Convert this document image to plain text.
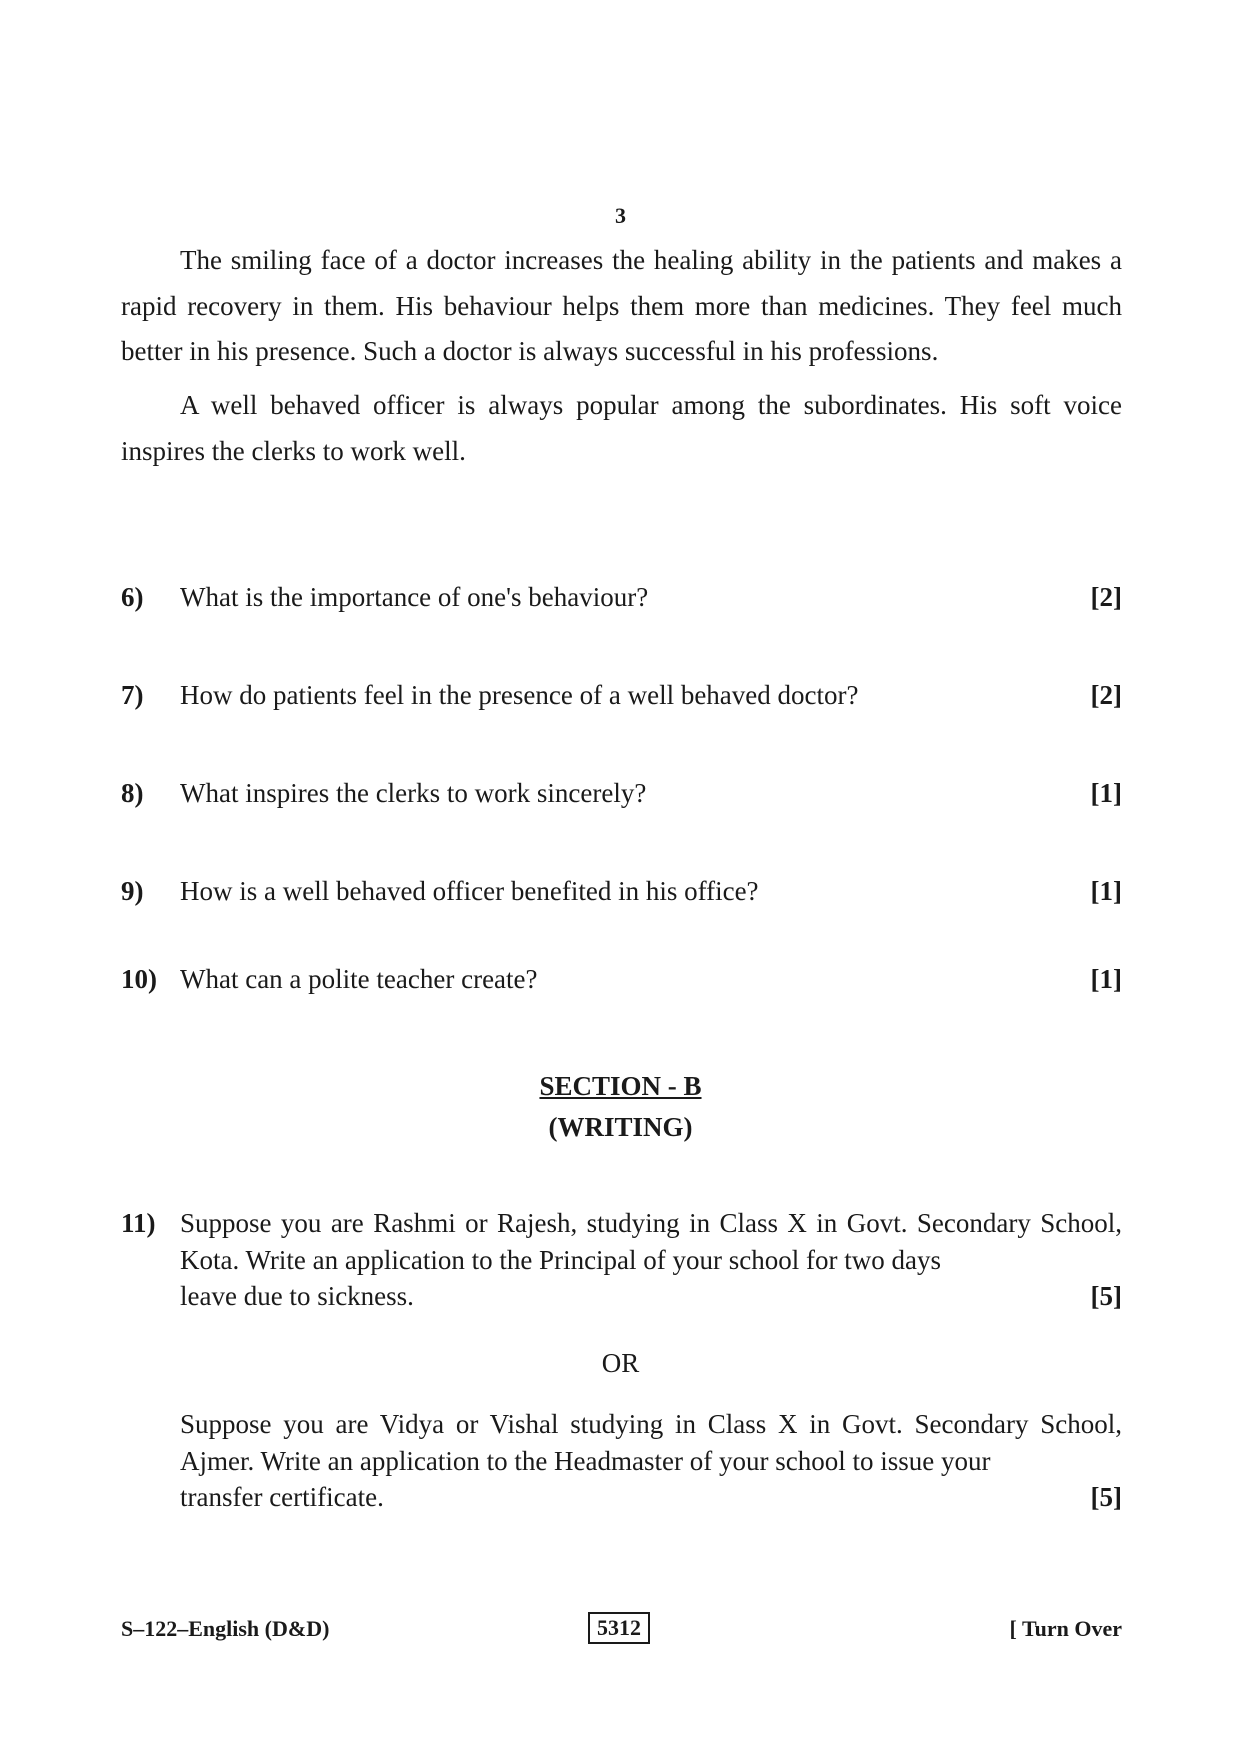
3

The smiling face of a doctor increases the healing ability in the patients and makes a rapid recovery in them. His behaviour helps them more than medicines. They feel much better in his presence. Such a doctor is always successful in his professions.

A well behaved officer is always popular among the subordinates. His soft voice inspires the clerks to work well.

6) What is the importance of one's behaviour?	[2]
7) How do patients feel in the presence of a well behaved doctor?	[2]
8) What inspires the clerks to work sincerely?	[1]
9) How is a well behaved officer benefited in his office?	[1]
10) What can a polite teacher create?	[1]
SECTION - B
(WRITING)
11) Suppose you are Rashmi or Rajesh, studying in Class X in Govt. Secondary School, Kota. Write an application to the Principal of your school for two days
leave due to sickness.	[5]
OR
Suppose you are Vidya or Vishal studying in Class X in Govt. Secondary School, Ajmer. Write an application to the Headmaster of your school to issue your
transfer certificate.	[5]
S–122–English (D&D)	5312	[ Turn Over
